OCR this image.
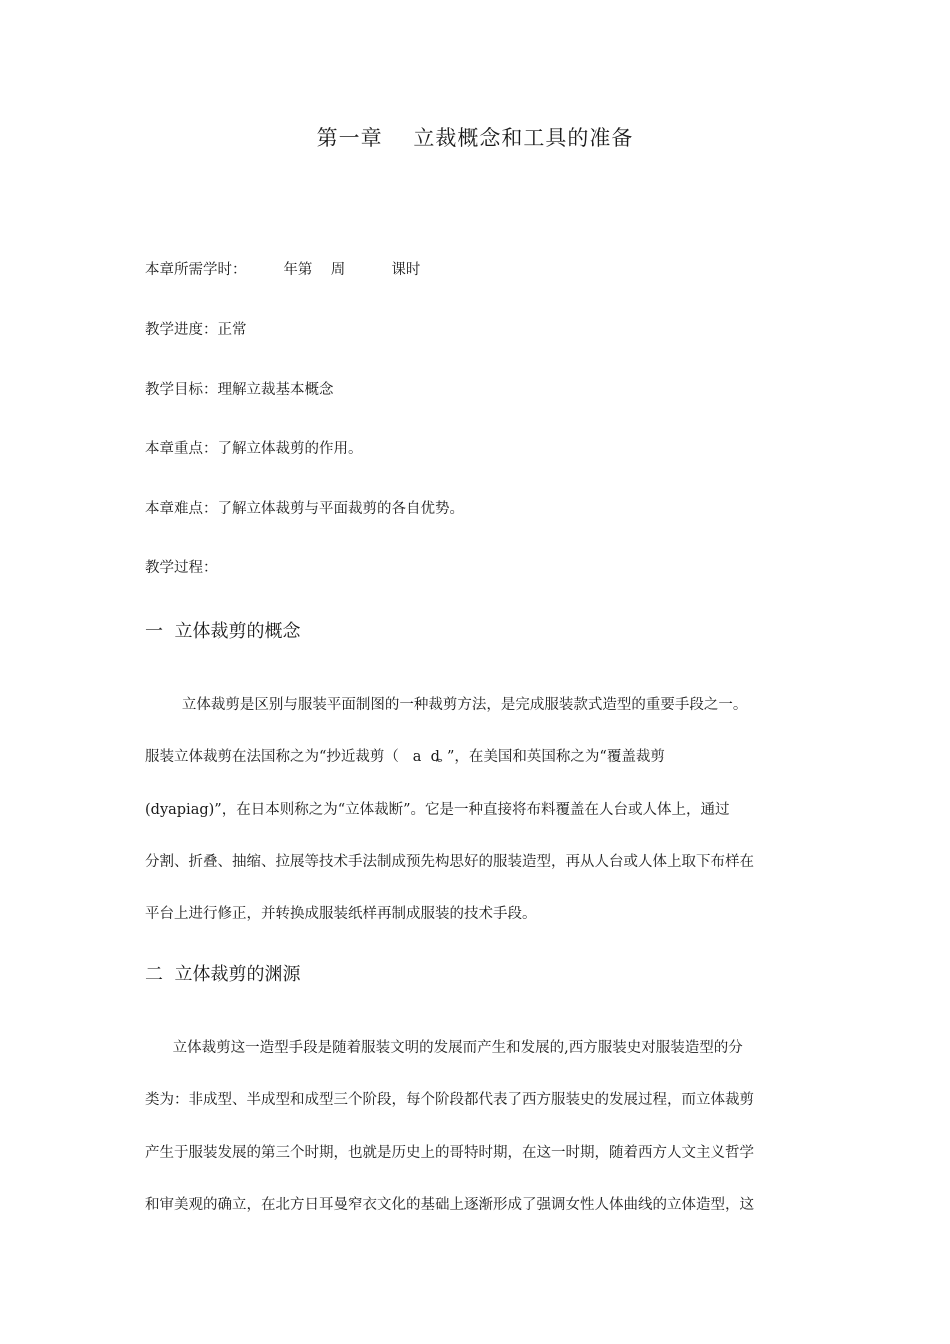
第一章    立裁概念和工具的准备
本章所需学时：        年第    周          课时
教学进度：正常
教学目标：理解立裁基本概念
本章重点：了解立体裁剪的作用。
本章难点：了解立体裁剪与平面裁剪的各自优势。
教学过程：
一  立体裁剪的概念
立体裁剪是区别与服装平面制图的一种裁剪方法，是完成服装款式造型的重要手段之一。
服装立体裁剪在法国称之为“抄近裁剪（   a  ȡ ”，在美国和英国称之为“覆盖裁剪
(dyapiag)”，在日本则称之为“立体裁断”。它是一种直接将布料覆盖在人台或人体上，通过
分割、折叠、抽缩、拉展等技术手法制成预先构思好的服装造型，再从人台或人体上取下布样在
平台上进行修正，并转换成服装纸样再制成服装的技术手段。
二  立体裁剪的渊源
立体裁剪这一造型手段是随着服装文明的发展而产生和发展的,西方服装史对服装造型的分
类为：非成型、半成型和成型三个阶段，每个阶段都代表了西方服装史的发展过程，而立体裁剪
产生于服装发展的第三个时期，也就是历史上的哥特时期，在这一时期，随着西方人文主义哲学
和审美观的确立，在北方日耳曼窄衣文化的基础上逐渐形成了强调女性人体曲线的立体造型，这
